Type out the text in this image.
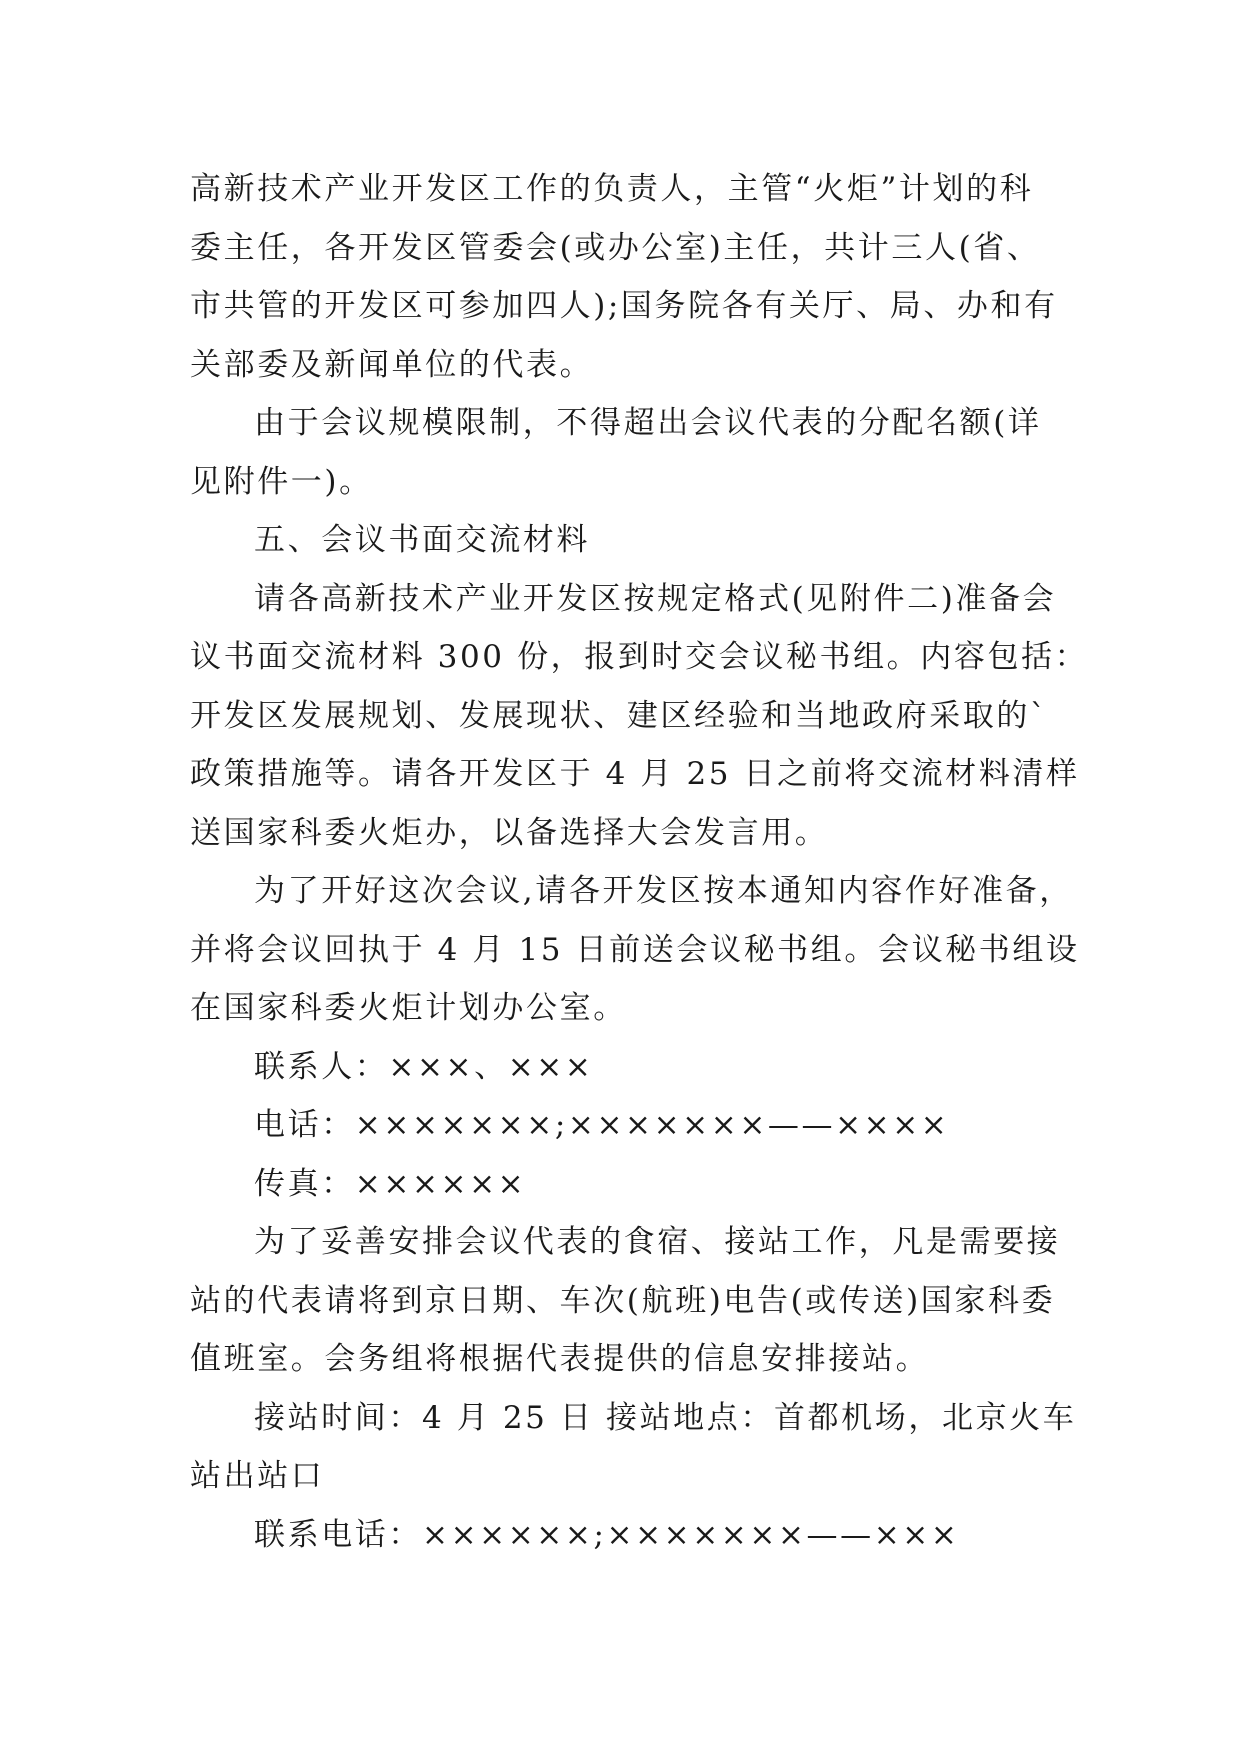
高新技术产业开发区工作的负责人，主管“火炬”计划的科
委主任，各开发区管委会(或办公室)主任，共计三人(省、
市共管的开发区可参加四人);国务院各有关厅、局、办和有
关部委及新闻单位的代表。
由于会议规模限制，不得超出会议代表的分配名额(详
见附件一)。
五、会议书面交流材料
请各高新技术产业开发区按规定格式(见附件二)准备会
议书面交流材料 300 份，报到时交会议秘书组。内容包括：
开发区发展规划、发展现状、建区经验和当地政府采取的`
政策措施等。请各开发区于 4 月 25 日之前将交流材料清样
送国家科委火炬办，以备选择大会发言用。
为了开好这次会议,请各开发区按本通知内容作好准备，
并将会议回执于 4 月 15 日前送会议秘书组。会议秘书组设
在国家科委火炬计划办公室。
联系人：×××、×××
电话：×××××××;×××××××——××××
传真：××××××
为了妥善安排会议代表的食宿、接站工作，凡是需要接
站的代表请将到京日期、车次(航班)电告(或传送)国家科委
值班室。会务组将根据代表提供的信息安排接站。
接站时间：4 月 25 日 接站地点：首都机场，北京火车
站出站口
联系电话：××××××;×××××××——×××
